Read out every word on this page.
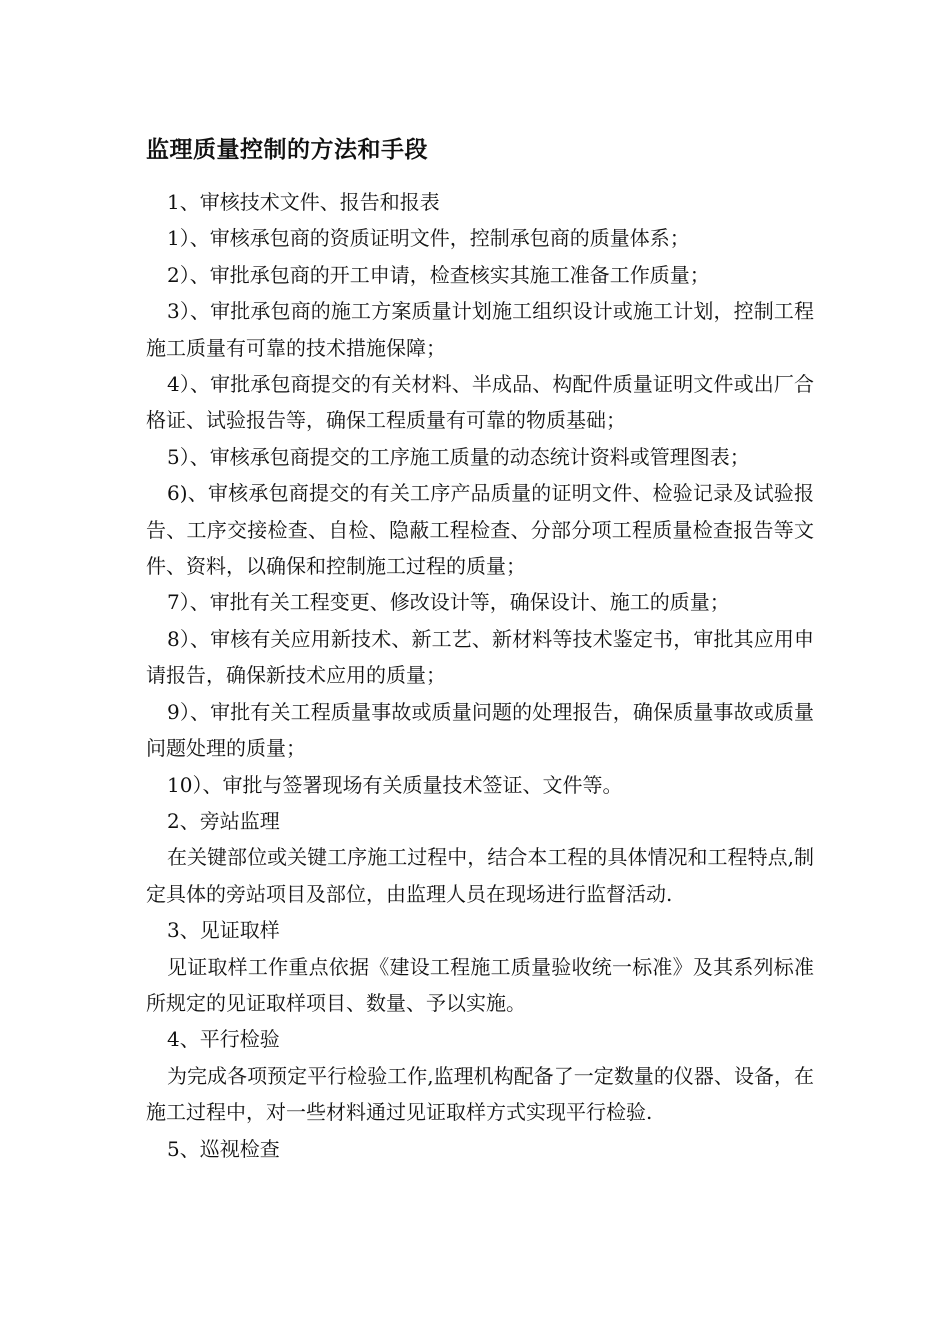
监理质量控制的方法和手段

1、审核技术文件、报告和报表

1）、审核承包商的资质证明文件，控制承包商的质量体系；

2）、审批承包商的开工申请，检查核实其施工准备工作质量；

3）、审批承包商的施工方案质量计划施工组织设计或施工计划，控制工程施工质量有可靠的技术措施保障；

4）、审批承包商提交的有关材料、半成品、构配件质量证明文件或出厂合格证、试验报告等，确保工程质量有可靠的物质基础；

5）、审核承包商提交的工序施工质量的动态统计资料或管理图表；

6)、审核承包商提交的有关工序产品质量的证明文件、检验记录及试验报告、工序交接检查、自检、隐蔽工程检查、分部分项工程质量检查报告等文件、资料，以确保和控制施工过程的质量；

7）、审批有关工程变更、修改设计等，确保设计、施工的质量；

8）、审核有关应用新技术、新工艺、新材料等技术鉴定书，审批其应用申请报告，确保新技术应用的质量；

9）、审批有关工程质量事故或质量问题的处理报告，确保质量事故或质量问题处理的质量；

10）、审批与签署现场有关质量技术签证、文件等。

2、旁站监理

在关键部位或关键工序施工过程中，结合本工程的具体情况和工程特点,制定具体的旁站项目及部位，由监理人员在现场进行监督活动.

3、见证取样

见证取样工作重点依据《建设工程施工质量验收统一标准》及其系列标准所规定的见证取样项目、数量、予以实施。

4、平行检验

为完成各项预定平行检验工作,监理机构配备了一定数量的仪器、设备，在施工过程中，对一些材料通过见证取样方式实现平行检验.

5、巡视检查
